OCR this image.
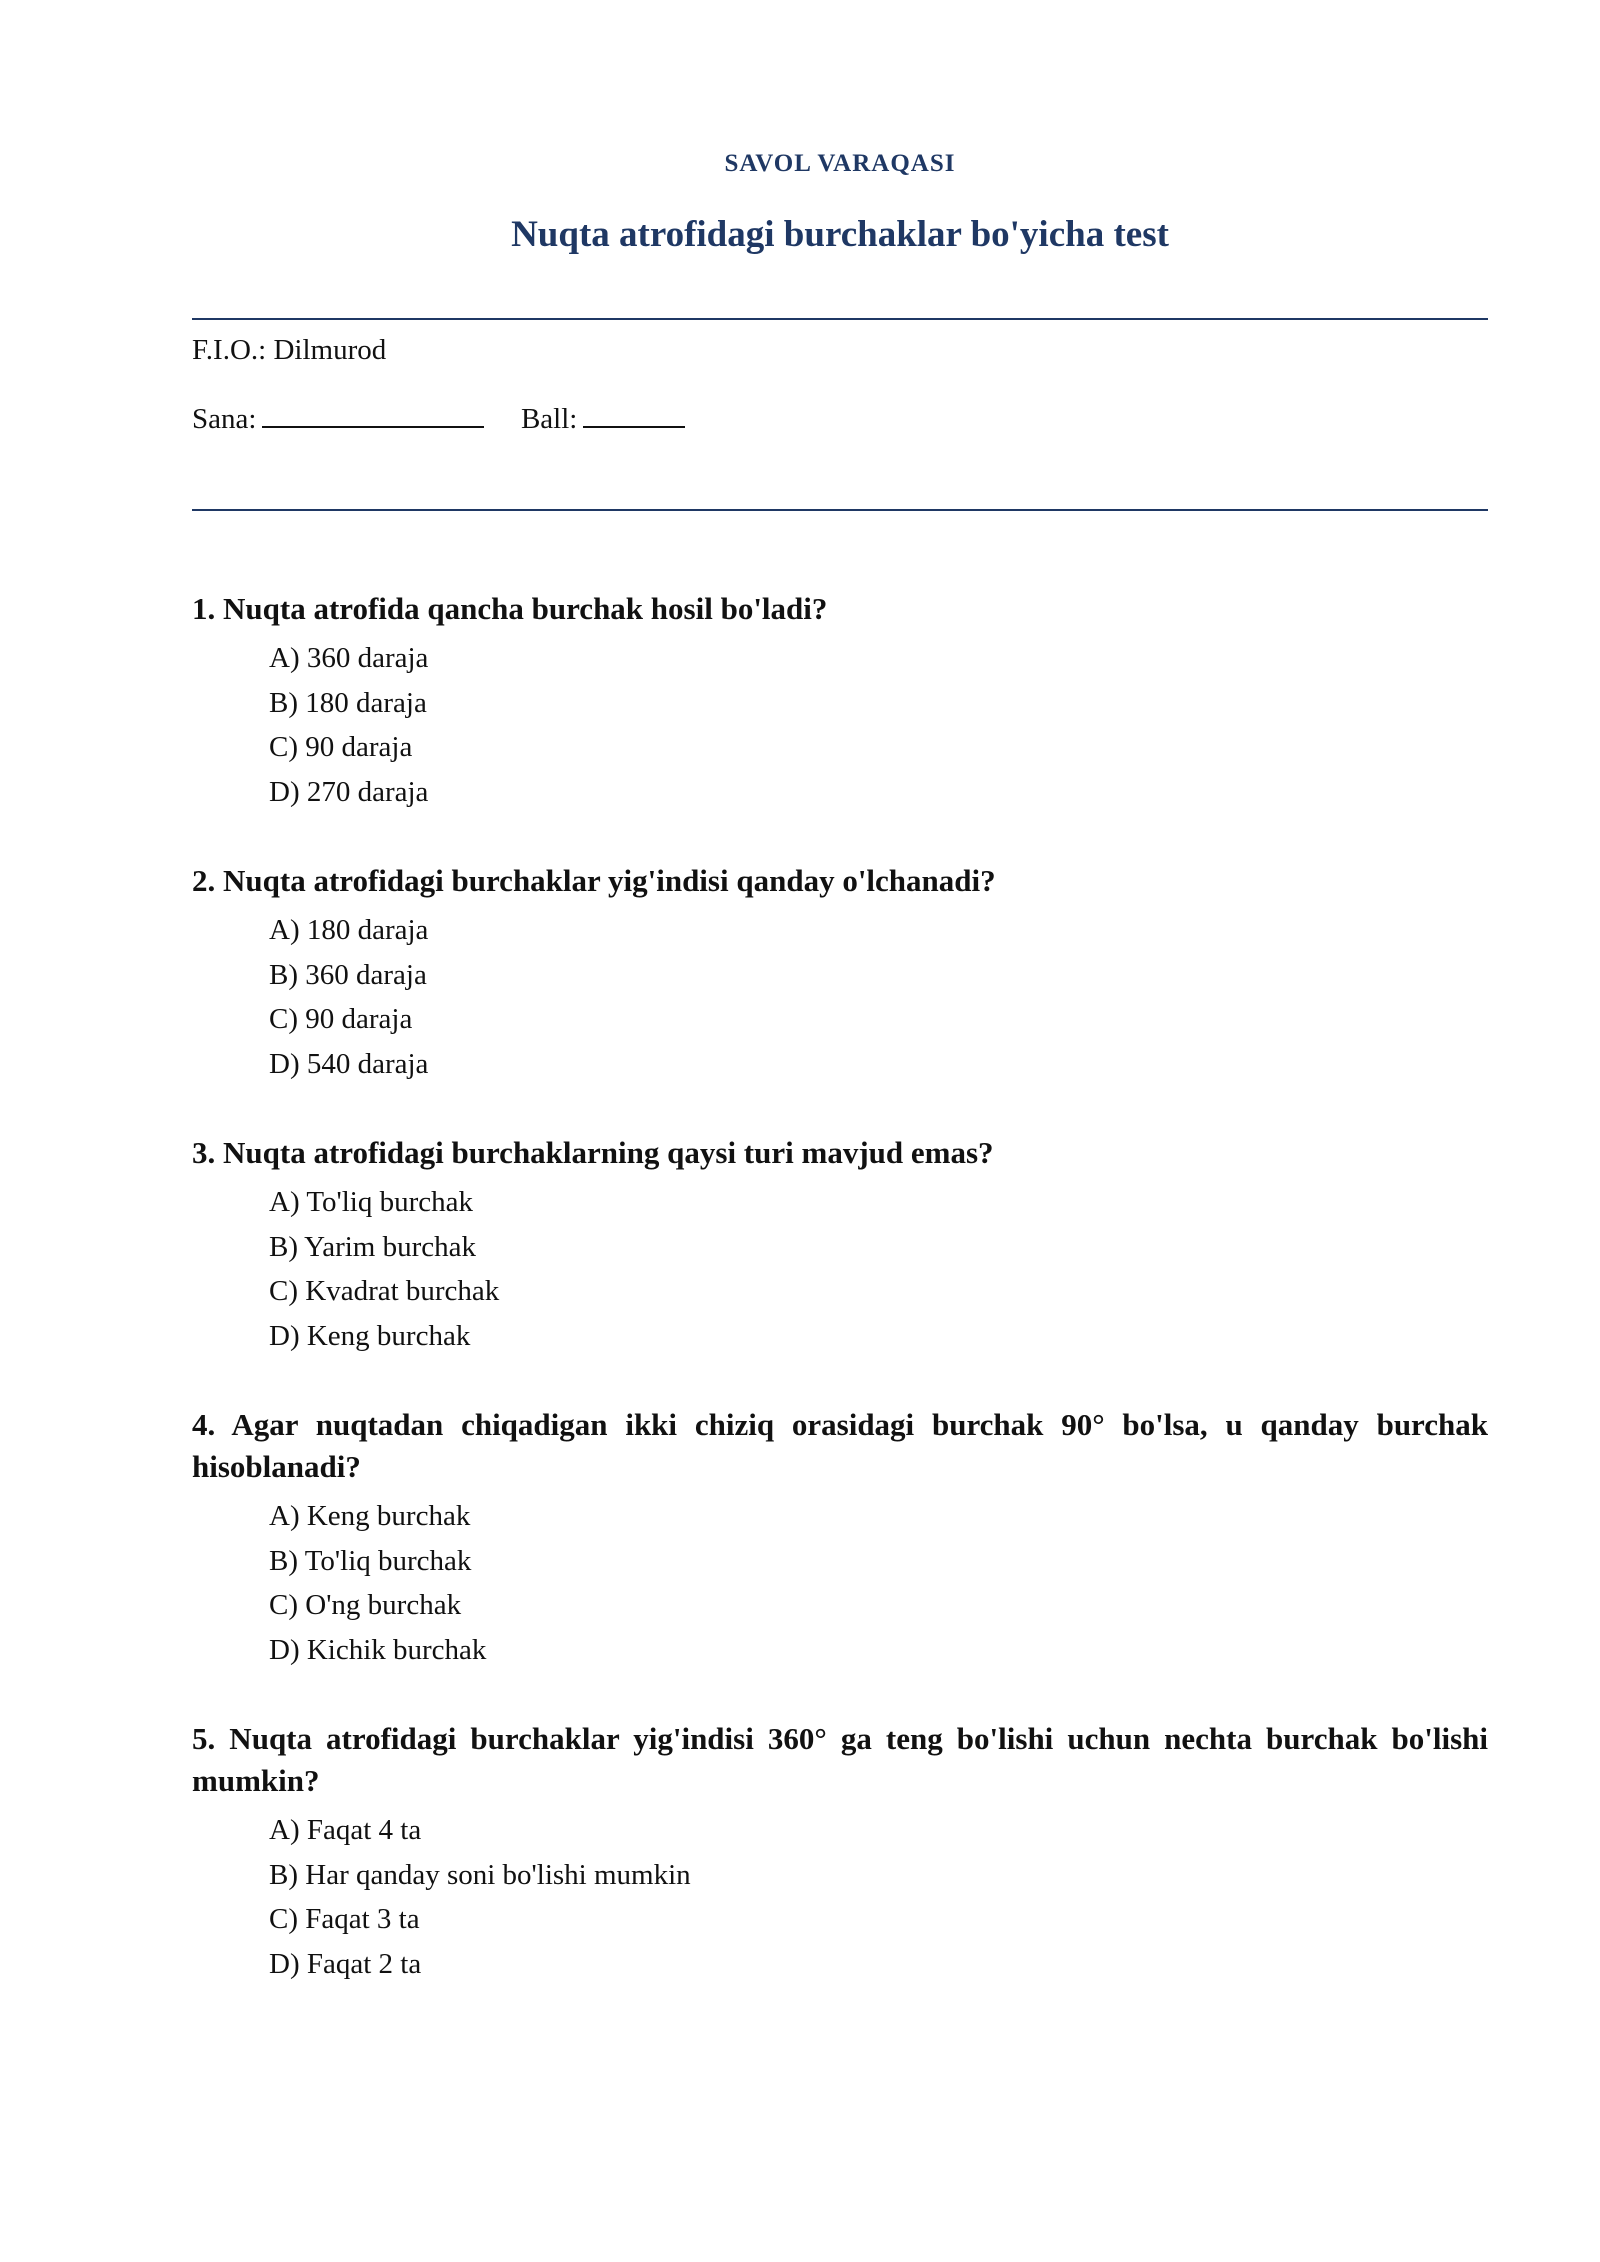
SAVOL VARAQASI
Nuqta atrofidagi burchaklar bo'yicha test
F.I.O.: Dilmurod
Sana:	Ball:

1. Nuqta atrofida qancha burchak hosil bo'ladi?

A) 360 daraja
B) 180 daraja
C) 90 daraja
D) 270 daraja

2. Nuqta atrofidagi burchaklar yig'indisi qanday o'lchanadi?

A) 180 daraja
B) 360 daraja
C) 90 daraja
D) 540 daraja

3. Nuqta atrofidagi burchaklarning qaysi turi mavjud emas?

A) To'liq burchak
B) Yarim burchak
C) Kvadrat burchak
D) Keng burchak

4. Agar nuqtadan chiqadigan ikki chiziq orasidagi burchak 90° bo'lsa, u qanday burchak hisoblanadi?

A) Keng burchak
B) To'liq burchak
C) O'ng burchak
D) Kichik burchak

5. Nuqta atrofidagi burchaklar yig'indisi 360° ga teng bo'lishi uchun nechta burchak bo'lishi mumkin?

A) Faqat 4 ta
B) Har qanday soni bo'lishi mumkin
C) Faqat 3 ta
D) Faqat 2 ta
